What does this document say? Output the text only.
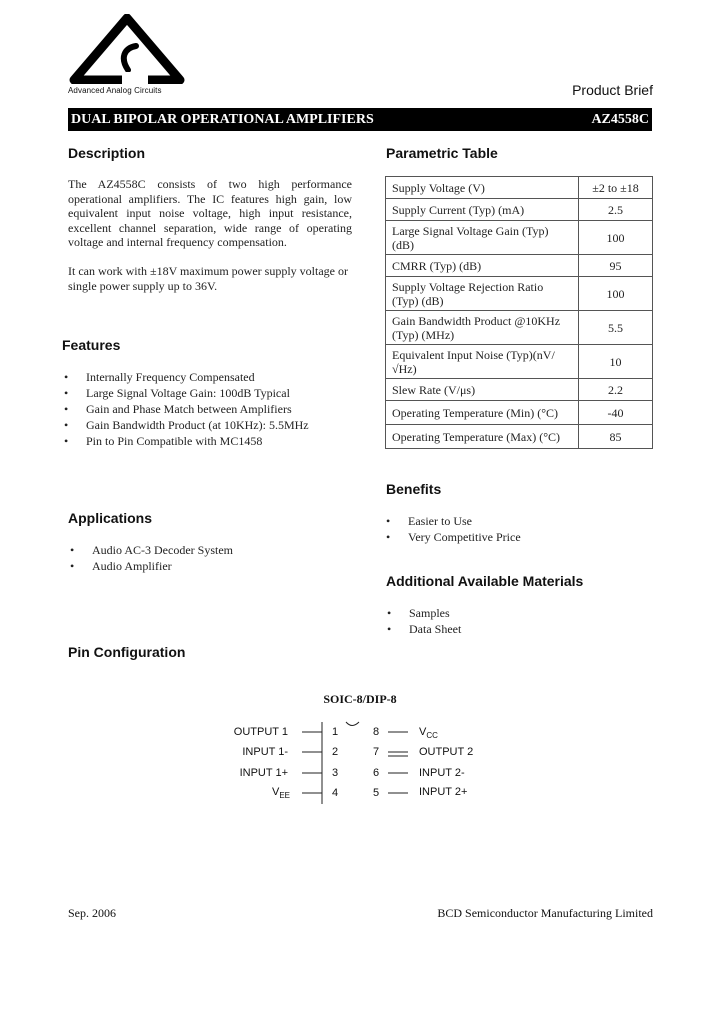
Advanced Analog Circuits	Product Brief
DUAL BIPOLAR OPERATIONAL AMPLIFIERS	AZ4558C
Description
The AZ4558C consists of two high performance operational amplifiers. The IC features high gain, low equivalent input noise voltage, high input resistance, excellent channel separation, wide range of operating voltage and internal frequency compensation.
It can work with ±18V maximum power supply voltage or single power supply up to 36V.
Features
• Internally Frequency Compensated
• Large Signal Voltage Gain: 100dB Typical
• Gain and Phase Match between Amplifiers
• Gain Bandwidth Product (at 10KHz): 5.5MHz
• Pin to Pin Compatible with MC1458
Applications
• Audio AC-3 Decoder System
• Audio Amplifier
Parametric Table
Supply Voltage (V)	±2 to ±18
Supply Current (Typ) (mA)	2.5
Large Signal Voltage Gain (Typ) (dB)	100
CMRR (Typ) (dB)	95
Supply Voltage Rejection Ratio (Typ) (dB)	100
Gain Bandwidth Product @10KHz (Typ) (MHz)	5.5
Equivalent Input Noise (Typ)(nV/√Hz)	10
Slew Rate (V/μs)	2.2
Operating Temperature (Min) (°C)	-40
Operating Temperature (Max) (°C)	85
Benefits
• Easier to Use
• Very Competitive Price
Additional Available Materials
• Samples
• Data Sheet
Pin Configuration
SOIC-8/DIP-8
OUTPUT 1
INPUT 1-
INPUT 1+
$V_{EE}$
1
2
3
4
8
7
6
5
$V_{CC}$
OUTPUT 2
INPUT 2-
INPUT 2+
Sep. 2006	BCD Semiconductor Manufacturing Limited
